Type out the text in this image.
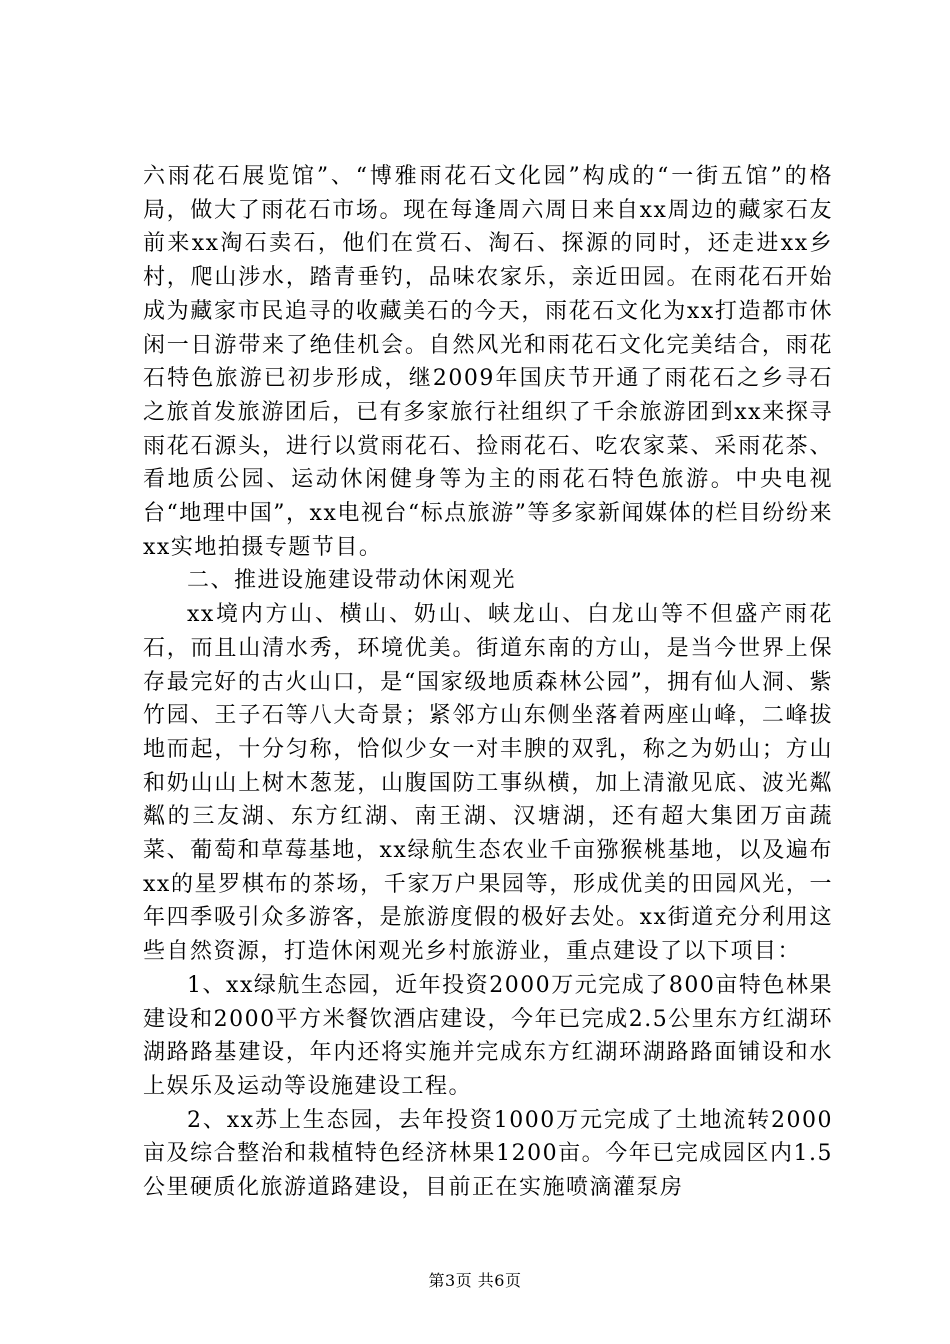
六雨花石展览馆”、“博雅雨花石文化园”构成的“一街五馆”的格局，做大了雨花石市场。现在每逢周六周日来自xx周边的藏家石友前来xx淘石卖石，他们在赏石、淘石、探源的同时，还走进xx乡村，爬山涉水，踏青垂钓，品味农家乐，亲近田园。在雨花石开始成为藏家市民追寻的收藏美石的今天，雨花石文化为xx打造都市休闲一日游带来了绝佳机会。自然风光和雨花石文化完美结合，雨花石特色旅游已初步形成，继2009年国庆节开通了雨花石之乡寻石之旅首发旅游团后，已有多家旅行社组织了千余旅游团到xx来探寻雨花石源头，进行以赏雨花石、捡雨花石、吃农家菜、采雨花茶、看地质公园、运动休闲健身等为主的雨花石特色旅游。中央电视台“地理中国”，xx电视台“标点旅游”等多家新闻媒体的栏目纷纷来xx实地拍摄专题节目。

二、推进设施建设带动休闲观光

xx境内方山、横山、奶山、峡龙山、白龙山等不但盛产雨花石，而且山清水秀，环境优美。街道东南的方山，是当今世界上保存最完好的古火山口，是“国家级地质森林公园”，拥有仙人洞、紫竹园、王子石等八大奇景；紧邻方山东侧坐落着两座山峰，二峰拔地而起，十分匀称，恰似少女一对丰腴的双乳，称之为奶山；方山和奶山山上树木葱茏，山腹国防工事纵横，加上清澈见底、波光粼粼的三友湖、东方红湖、南王湖、汉塘湖，还有超大集团万亩蔬菜、葡萄和草莓基地，xx绿航生态农业千亩猕猴桃基地，以及遍布xx的星罗棋布的茶场，千家万户果园等，形成优美的田园风光，一年四季吸引众多游客，是旅游度假的极好去处。xx街道充分利用这些自然资源，打造休闲观光乡村旅游业，重点建设了以下项目：

1、xx绿航生态园，近年投资2000万元完成了800亩特色林果建设和2000平方米餐饮酒店建设，今年已完成2.5公里东方红湖环湖路路基建设，年内还将实施并完成东方红湖环湖路路面铺设和水上娱乐及运动等设施建设工程。

2、xx苏上生态园，去年投资1000万元完成了土地流转2000亩及综合整治和栽植特色经济林果1200亩。今年已完成园区内1.5公里硬质化旅游道路建设，目前正在实施喷滴灌泵房

第3页 共6页
